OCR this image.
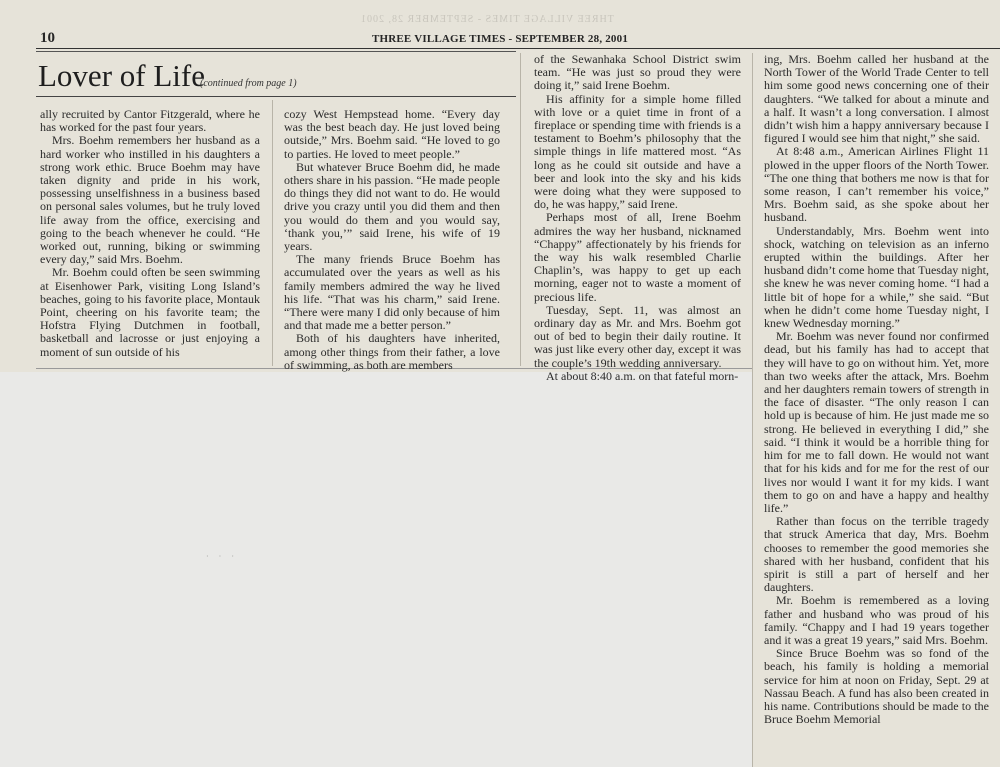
THREE VILLAGE TIMES - SEPTEMBER 28, 2001
10	THREE VILLAGE TIMES - SEPTEMBER 28, 2001
Lover of Life
(continued from page 1)

ally recruited by Cantor Fitzgerald, where he has worked for the past four years.

Mrs. Boehm remembers her husband as a hard worker who instilled in his daughters a strong work ethic. Bruce Boehm may have taken dignity and pride in his work, possessing unselfishness in a business based on personal sales volumes, but he truly loved life away from the office, exercising and going to the beach whenever he could. “He worked out, running, biking or swimming every day,” said Mrs. Boehm.

Mr. Boehm could often be seen swimming at Eisenhower Park, visiting Long Island’s beaches, going to his favorite place, Montauk Point, cheering on his favorite team; the Hofstra Flying Dutchmen in football, basketball and lacrosse or just enjoying a moment of sun outside of his

cozy West Hempstead home. “Every day was the best beach day. He just loved being outside,” Mrs. Boehm said. “He loved to go to parties. He loved to meet people.”

But whatever Bruce Boehm did, he made others share in his passion. “He made people do things they did not want to do. He would drive you crazy until you did them and then you would do them and you would say, ‘thank you,’” said Irene, his wife of 19 years.

The many friends Bruce Boehm has accumulated over the years as well as his family members admired the way he lived his life. “That was his charm,” said Irene. “There were many I did only because of him and that made me a better person.”

Both of his daughters have inherited, among other things from their father, a love of swimming, as both are members

of the Sewanhaka School District swim team. “He was just so proud they were doing it,” said Irene Boehm.

His affinity for a simple home filled with love or a quiet time in front of a fireplace or spending time with friends is a testament to Boehm’s philosophy that the simple things in life mattered most. “As long as he could sit outside and have a beer and look into the sky and his kids were doing what they were supposed to do, he was happy,” said Irene.

Perhaps most of all, Irene Boehm admires the way her husband, nicknamed “Chappy” affectionately by his friends for the way his walk resembled Charlie Chaplin’s, was happy to get up each morning, eager not to waste a moment of precious life.

Tuesday, Sept. 11, was almost an ordinary day as Mr. and Mrs. Boehm got out of bed to begin their daily routine. It was just like every other day, except it was the couple’s 19th wedding anniversary.

At about 8:40 a.m. on that fateful morn-

ing, Mrs. Boehm called her husband at the North Tower of the World Trade Center to tell him some good news concerning one of their daughters. “We talked for about a minute and a half. It wasn’t a long conversation. I almost didn’t wish him a happy anniversary because I figured I would see him that night,” she said.

At 8:48 a.m., American Airlines Flight 11 plowed in the upper floors of the North Tower. “The one thing that bothers me now is that for some reason, I can’t remember his voice,” Mrs. Boehm said, as she spoke about her husband.

Understandably, Mrs. Boehm went into shock, watching on television as an inferno erupted within the buildings. After her husband didn’t come home that Tuesday night, she knew he was never coming home. “I had a little bit of hope for a while,” she said. “But when he didn’t come home Tuesday night, I knew Wednesday morning.”

Mr. Boehm was never found nor confirmed dead, but his family has had to accept that they will have to go on without him. Yet, more than two weeks after the attack, Mrs. Boehm and her daughters remain towers of strength in the face of disaster. “The only reason I can hold up is because of him. He just made me so strong. He believed in everything I did,” she said. “I think it would be a horrible thing for him for me to fall down. He would not want that for his kids and for me for the rest of our lives nor would I want it for my kids. I want them to go on and have a happy and healthy life.”

Rather than focus on the terrible tragedy that struck America that day, Mrs. Boehm chooses to remember the good memories she shared with her husband, confident that his spirit is still a part of herself and her daughters.

Mr. Boehm is remembered as a loving father and husband who was proud of his family. “Chappy and I had 19 years together and it was a great 19 years,” said Mrs. Boehm.

Since Bruce Boehm was so fond of the beach, his family is holding a memorial service for him at noon on Friday, Sept. 29 at Nassau Beach. A fund has also been created in his name. Contributions should be made to the Bruce Boehm Memorial

· · ·
